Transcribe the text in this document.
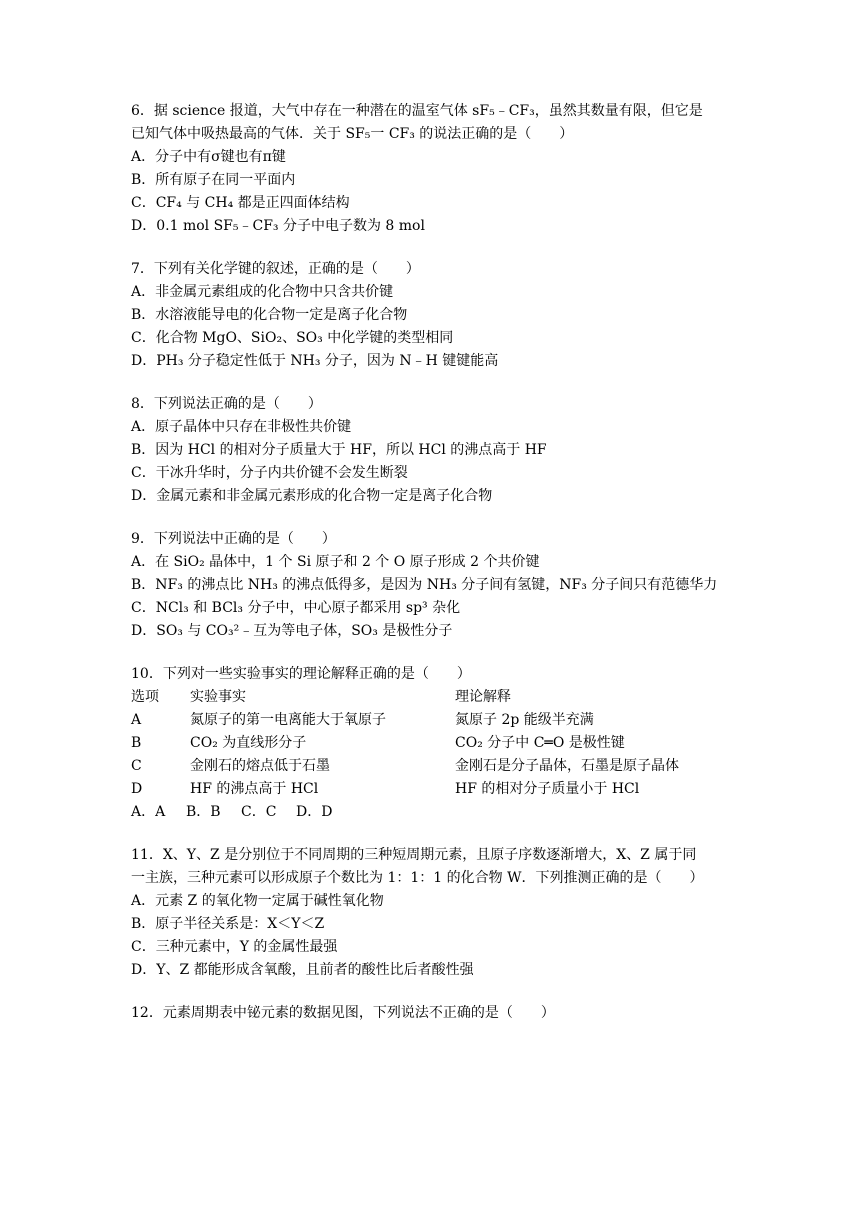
6．据 science 报道，大气中存在一种潜在的温室气体 sF₅﹣CF₃，虽然其数量有限，但它是
已知气体中吸热最高的气体．关于 SF₅一 CF₃ 的说法正确的是（　　）
A．分子中有σ键也有π键
B．所有原子在同一平面内
C．CF₄ 与 CH₄ 都是正四面体结构
D．0.1 mol SF₅﹣CF₃ 分子中电子数为 8 mol
7．下列有关化学键的叙述，正确的是（　　）
A．非金属元素组成的化合物中只含共价键
B．水溶液能导电的化合物一定是离子化合物
C．化合物 MgO、SiO₂、SO₃ 中化学键的类型相同
D．PH₃ 分子稳定性低于 NH₃ 分子，因为 N﹣H 键键能高
8．下列说法正确的是（　　）
A．原子晶体中只存在非极性共价键
B．因为 HCl 的相对分子质量大于 HF，所以 HCl 的沸点高于 HF
C．干冰升华时，分子内共价键不会发生断裂
D．金属元素和非金属元素形成的化合物一定是离子化合物
9．下列说法中正确的是（　　）
A．在 SiO₂ 晶体中，1 个 Si 原子和 2 个 O 原子形成 2 个共价键
B．NF₃ 的沸点比 NH₃ 的沸点低得多，是因为 NH₃ 分子间有氢键，NF₃ 分子间只有范德华力
C．NCl₃ 和 BCl₃ 分子中，中心原子都采用 sp³ 杂化
D．SO₃ 与 CO₃²﹣互为等电子体，SO₃ 是极性分子
10．下列对一些实验事实的理论解释正确的是（　　）
选项	实验事实	理论解释
A	氮原子的第一电离能大于氧原子	氮原子 2p 能级半充满
B	CO₂ 为直线形分子	CO₂ 分子中 C═O 是极性键
C	金刚石的熔点低于石墨	金刚石是分子晶体，石墨是原子晶体
D	HF 的沸点高于 HCl	HF 的相对分子质量小于 HCl
A．A B．B C．C D．D
11．X、Y、Z 是分别位于不同周期的三种短周期元素，且原子序数逐渐增大，X、Z 属于同
一主族，三种元素可以形成原子个数比为 1：1：1 的化合物 W．下列推测正确的是（　　）
A．元素 Z 的氧化物一定属于碱性氧化物
B．原子半径关系是：X＜Y＜Z
C．三种元素中，Y 的金属性最强
D．Y、Z 都能形成含氧酸，且前者的酸性比后者酸性强
12．元素周期表中铋元素的数据见图，下列说法不正确的是（　　）
